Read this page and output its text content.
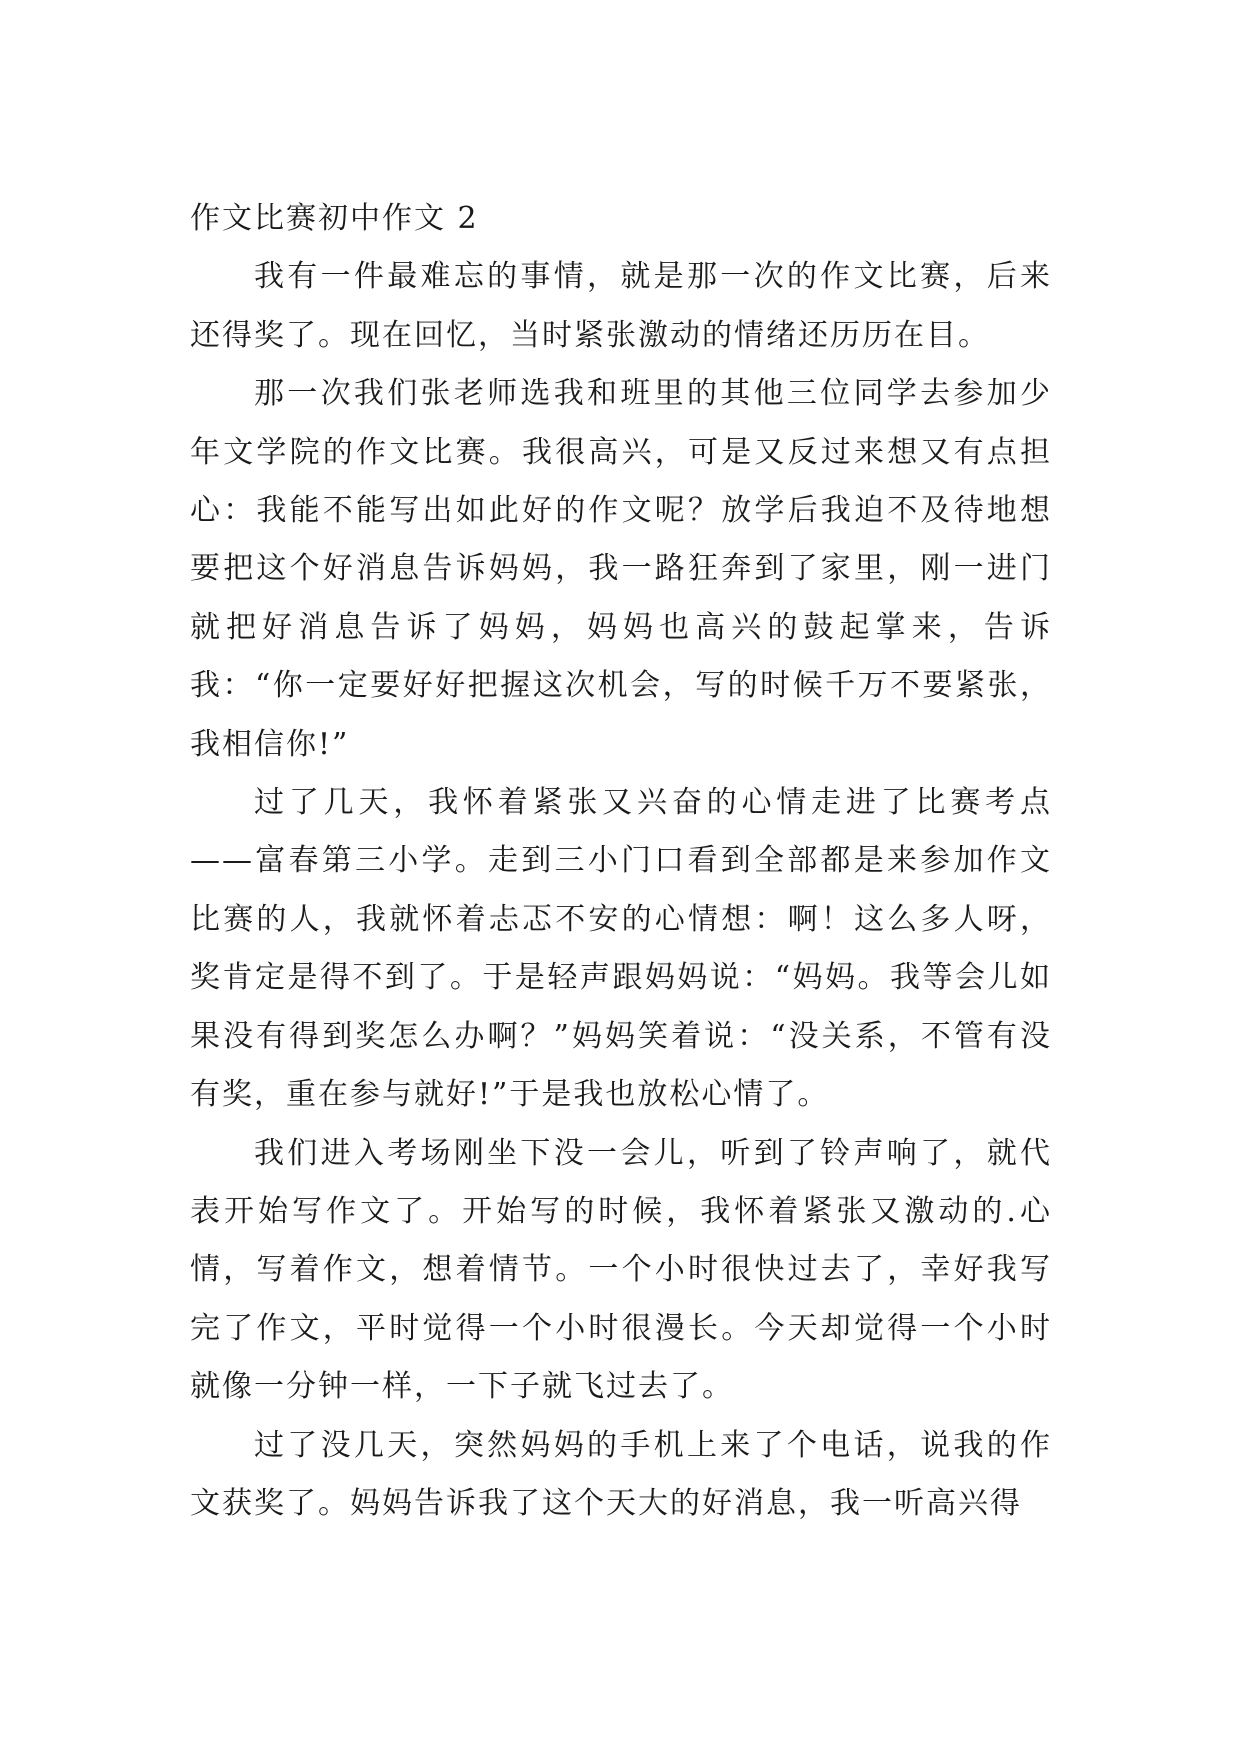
作文比赛初中作文 2

我有一件最难忘的事情，就是那一次的作文比赛，后来还得奖了。现在回忆，当时紧张激动的情绪还历历在目。

那一次我们张老师选我和班里的其他三位同学去参加少年文学院的作文比赛。我很高兴，可是又反过来想又有点担心：我能不能写出如此好的作文呢？放学后我迫不及待地想要把这个好消息告诉妈妈，我一路狂奔到了家里，刚一进门就把好消息告诉了妈妈，妈妈也高兴的鼓起掌来，告诉我：“你一定要好好把握这次机会，写的时候千万不要紧张，我相信你!”

过了几天，我怀着紧张又兴奋的心情走进了比赛考点——富春第三小学。走到三小门口看到全部都是来参加作文比赛的人，我就怀着忐忑不安的心情想：啊！这么多人呀，奖肯定是得不到了。于是轻声跟妈妈说：“妈妈。我等会儿如果没有得到奖怎么办啊？”妈妈笑着说：“没关系，不管有没有奖，重在参与就好!”于是我也放松心情了。

我们进入考场刚坐下没一会儿，听到了铃声响了，就代表开始写作文了。开始写的时候，我怀着紧张又激动的.心情，写着作文，想着情节。一个小时很快过去了，幸好我写完了作文，平时觉得一个小时很漫长。今天却觉得一个小时就像一分钟一样，一下子就飞过去了。

过了没几天，突然妈妈的手机上来了个电话，说我的作文获奖了。妈妈告诉我了这个天大的好消息，我一听高兴得
